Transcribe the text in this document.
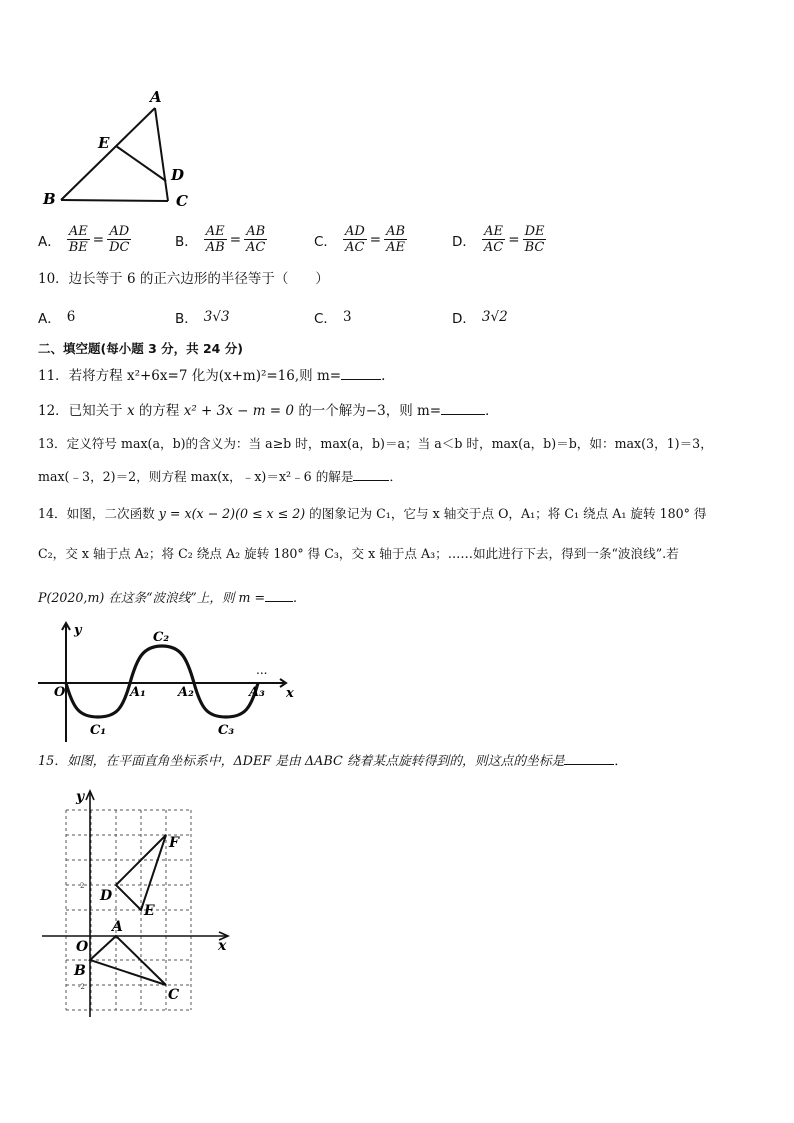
A
E
D
B	C
A． $\frac{AE}{BE} = \frac{AD}{DC}$	B． $\frac{AE}{AB} = \frac{AB}{AC}$	C． $\frac{AD}{AC} = \frac{AB}{AE}$	D． $\frac{AE}{AC} = \frac{DE}{BC}$
10．边长等于 6 的正六边形的半径等于（　　）
A． 6	B． 3√3	C． 3	D． 3√2
二、填空题(每小题 3 分，共 24 分)
11．若将方程 x²+6x=7 化为(x+m)²=16,则 m=	.
12．已知关于 x 的方程 x² + 3x − m = 0 的一个解为−3，则 m=	．
13．定义符号 max(a，b)的含义为：当 a≥b 时，max(a，b)＝a；当 a＜b 时，max(a，b)＝b，如：max(3，1)＝3，
max(﹣3，2)＝2，则方程 max(x，﹣x)＝x²﹣6 的解是	．
14．如图，二次函数 y = x(x − 2)(0 ≤ x ≤ 2) 的图象记为 C₁，它与 x 轴交于点 O，A₁；将 C₁ 绕点 A₁ 旋转 180° 得
C₂，交 x 轴于点 A₂；将 C₂ 绕点 A₂ 旋转 180° 得 C₃，交 x 轴于点 A₃；……如此进行下去，得到一条“波浪线”.若
P(2020,m) 在这条“波浪线”上，则 m = .
y
x
O	A₁ A₂	A₃
C₁
C₂
C₃
...
15．如图，在平面直角坐标系中，ΔDEF 是由 ΔABC 绕着某点旋转得到的，则这点的坐标是	．
2
-2
y
x
O
A
B
C
D
E
F
